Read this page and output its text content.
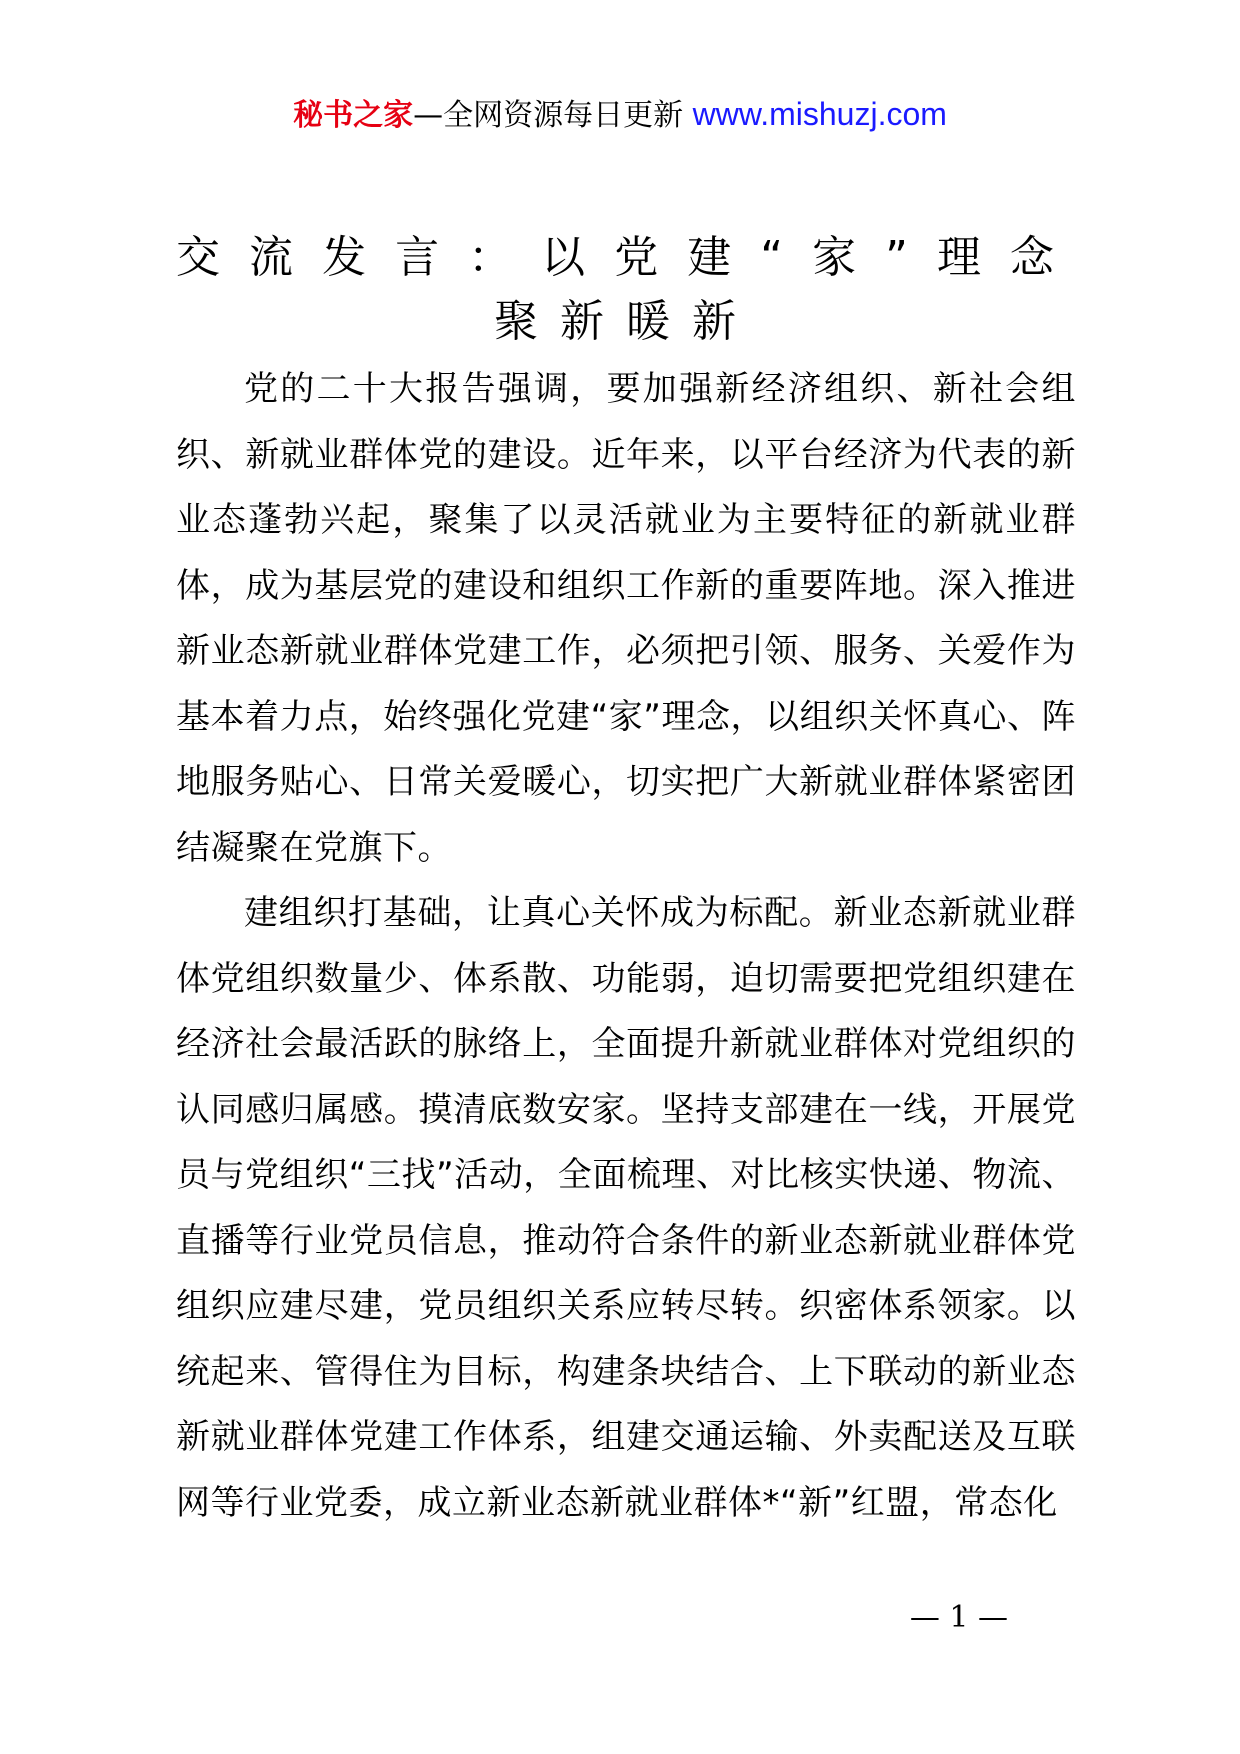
秘书之家—全网资源每日更新 www.mishuzj.com
交流发言：以党建“家”理念
聚新暖新
党的二十大报告强调，要加强新经济组织、新社会组织、新就业群体党的建设。近年来，以平台经济为代表的新业态蓬勃兴起，聚集了以灵活就业为主要特征的新就业群体，成为基层党的建设和组织工作新的重要阵地。深入推进新业态新就业群体党建工作，必须把引领、服务、关爱作为基本着力点，始终强化党建“家”理念，以组织关怀真心、阵地服务贴心、日常关爱暖心，切实把广大新就业群体紧密团结凝聚在党旗下。
建组织打基础，让真心关怀成为标配。新业态新就业群体党组织数量少、体系散、功能弱，迫切需要把党组织建在经济社会最活跃的脉络上，全面提升新就业群体对党组织的认同感归属感。摸清底数安家。坚持支部建在一线，开展党员与党组织“三找”活动，全面梳理、对比核实快递、物流、直播等行业党员信息，推动符合条件的新业态新就业群体党组织应建尽建，党员组织关系应转尽转。织密体系领家。以统起来、管得住为目标，构建条块结合、上下联动的新业态新就业群体党建工作体系，组建交通运输、外卖配送及互联网等行业党委，成立新业态新就业群体*“新”红盟，常态化
— 1 —
